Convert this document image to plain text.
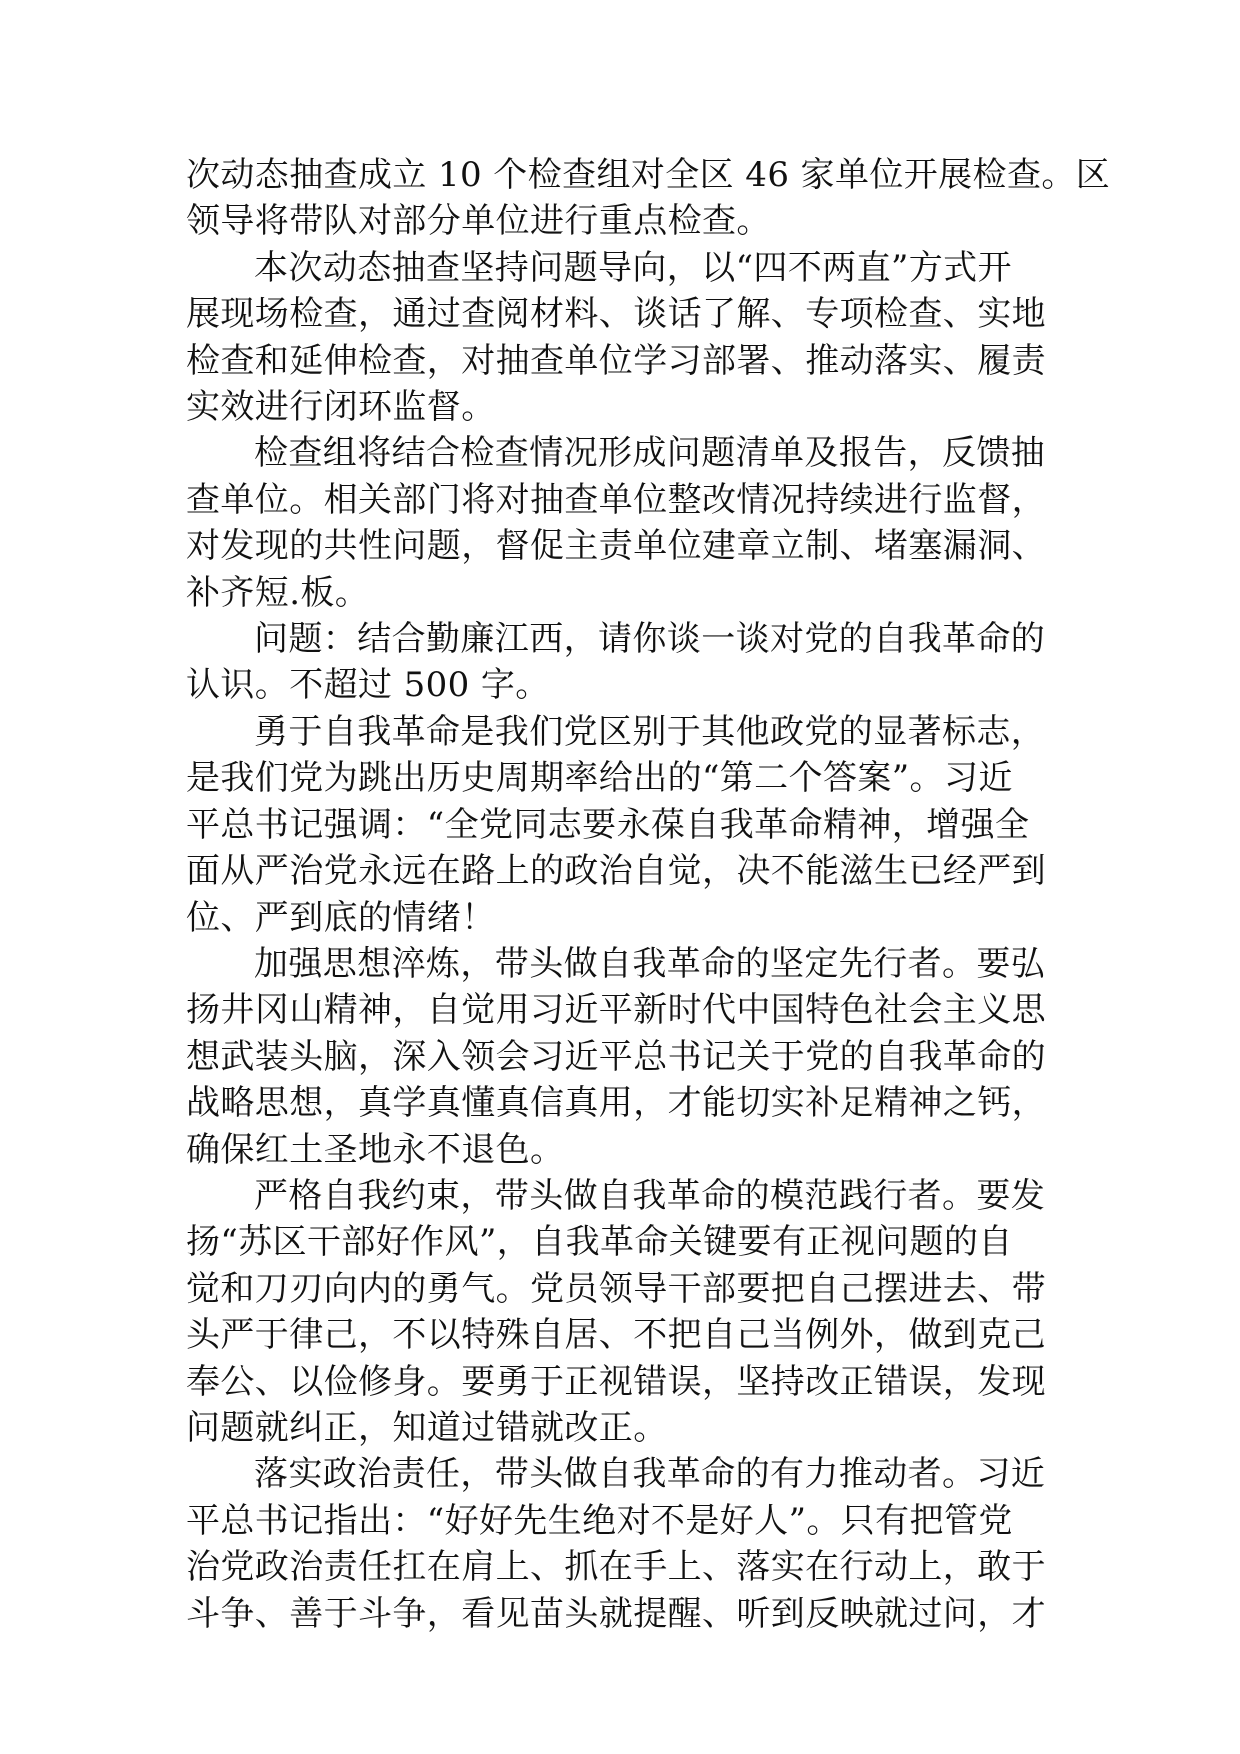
次动态抽查成立 10 个检查组对全区 46 家单位开展检查。区
领导将带队对部分单位进行重点检查。

本次动态抽查坚持问题导向，以“四不两直”方式开
展现场检查，通过查阅材料、谈话了解、专项检查、实地
检查和延伸检查，对抽查单位学习部署、推动落实、履责
实效进行闭环监督。

检查组将结合检查情况形成问题清单及报告，反馈抽
查单位。相关部门将对抽查单位整改情况持续进行监督，
对发现的共性问题，督促主责单位建章立制、堵塞漏洞、
补齐短.板。

问题：结合勤廉江西，请你谈一谈对党的自我革命的
认识。不超过 500 字。

勇于自我革命是我们党区别于其他政党的显著标志，
是我们党为跳出历史周期率给出的“第二个答案”。习近
平总书记强调：“全党同志要永葆自我革命精神，增强全
面从严治党永远在路上的政治自觉，决不能滋生已经严到
位、严到底的情绪！

加强思想淬炼，带头做自我革命的坚定先行者。要弘
扬井冈山精神，自觉用习近平新时代中国特色社会主义思
想武装头脑，深入领会习近平总书记关于党的自我革命的
战略思想，真学真懂真信真用，才能切实补足精神之钙，
确保红土圣地永不退色。

严格自我约束，带头做自我革命的模范践行者。要发
扬“苏区干部好作风”，自我革命关键要有正视问题的自
觉和刀刃向内的勇气。党员领导干部要把自己摆进去、带
头严于律己，不以特殊自居、不把自己当例外，做到克己
奉公、以俭修身。要勇于正视错误，坚持改正错误，发现
问题就纠正，知道过错就改正。

落实政治责任，带头做自我革命的有力推动者。习近
平总书记指出：“好好先生绝对不是好人”。只有把管党
治党政治责任扛在肩上、抓在手上、落实在行动上，敢于
斗争、善于斗争，看见苗头就提醒、听到反映就过问，才
